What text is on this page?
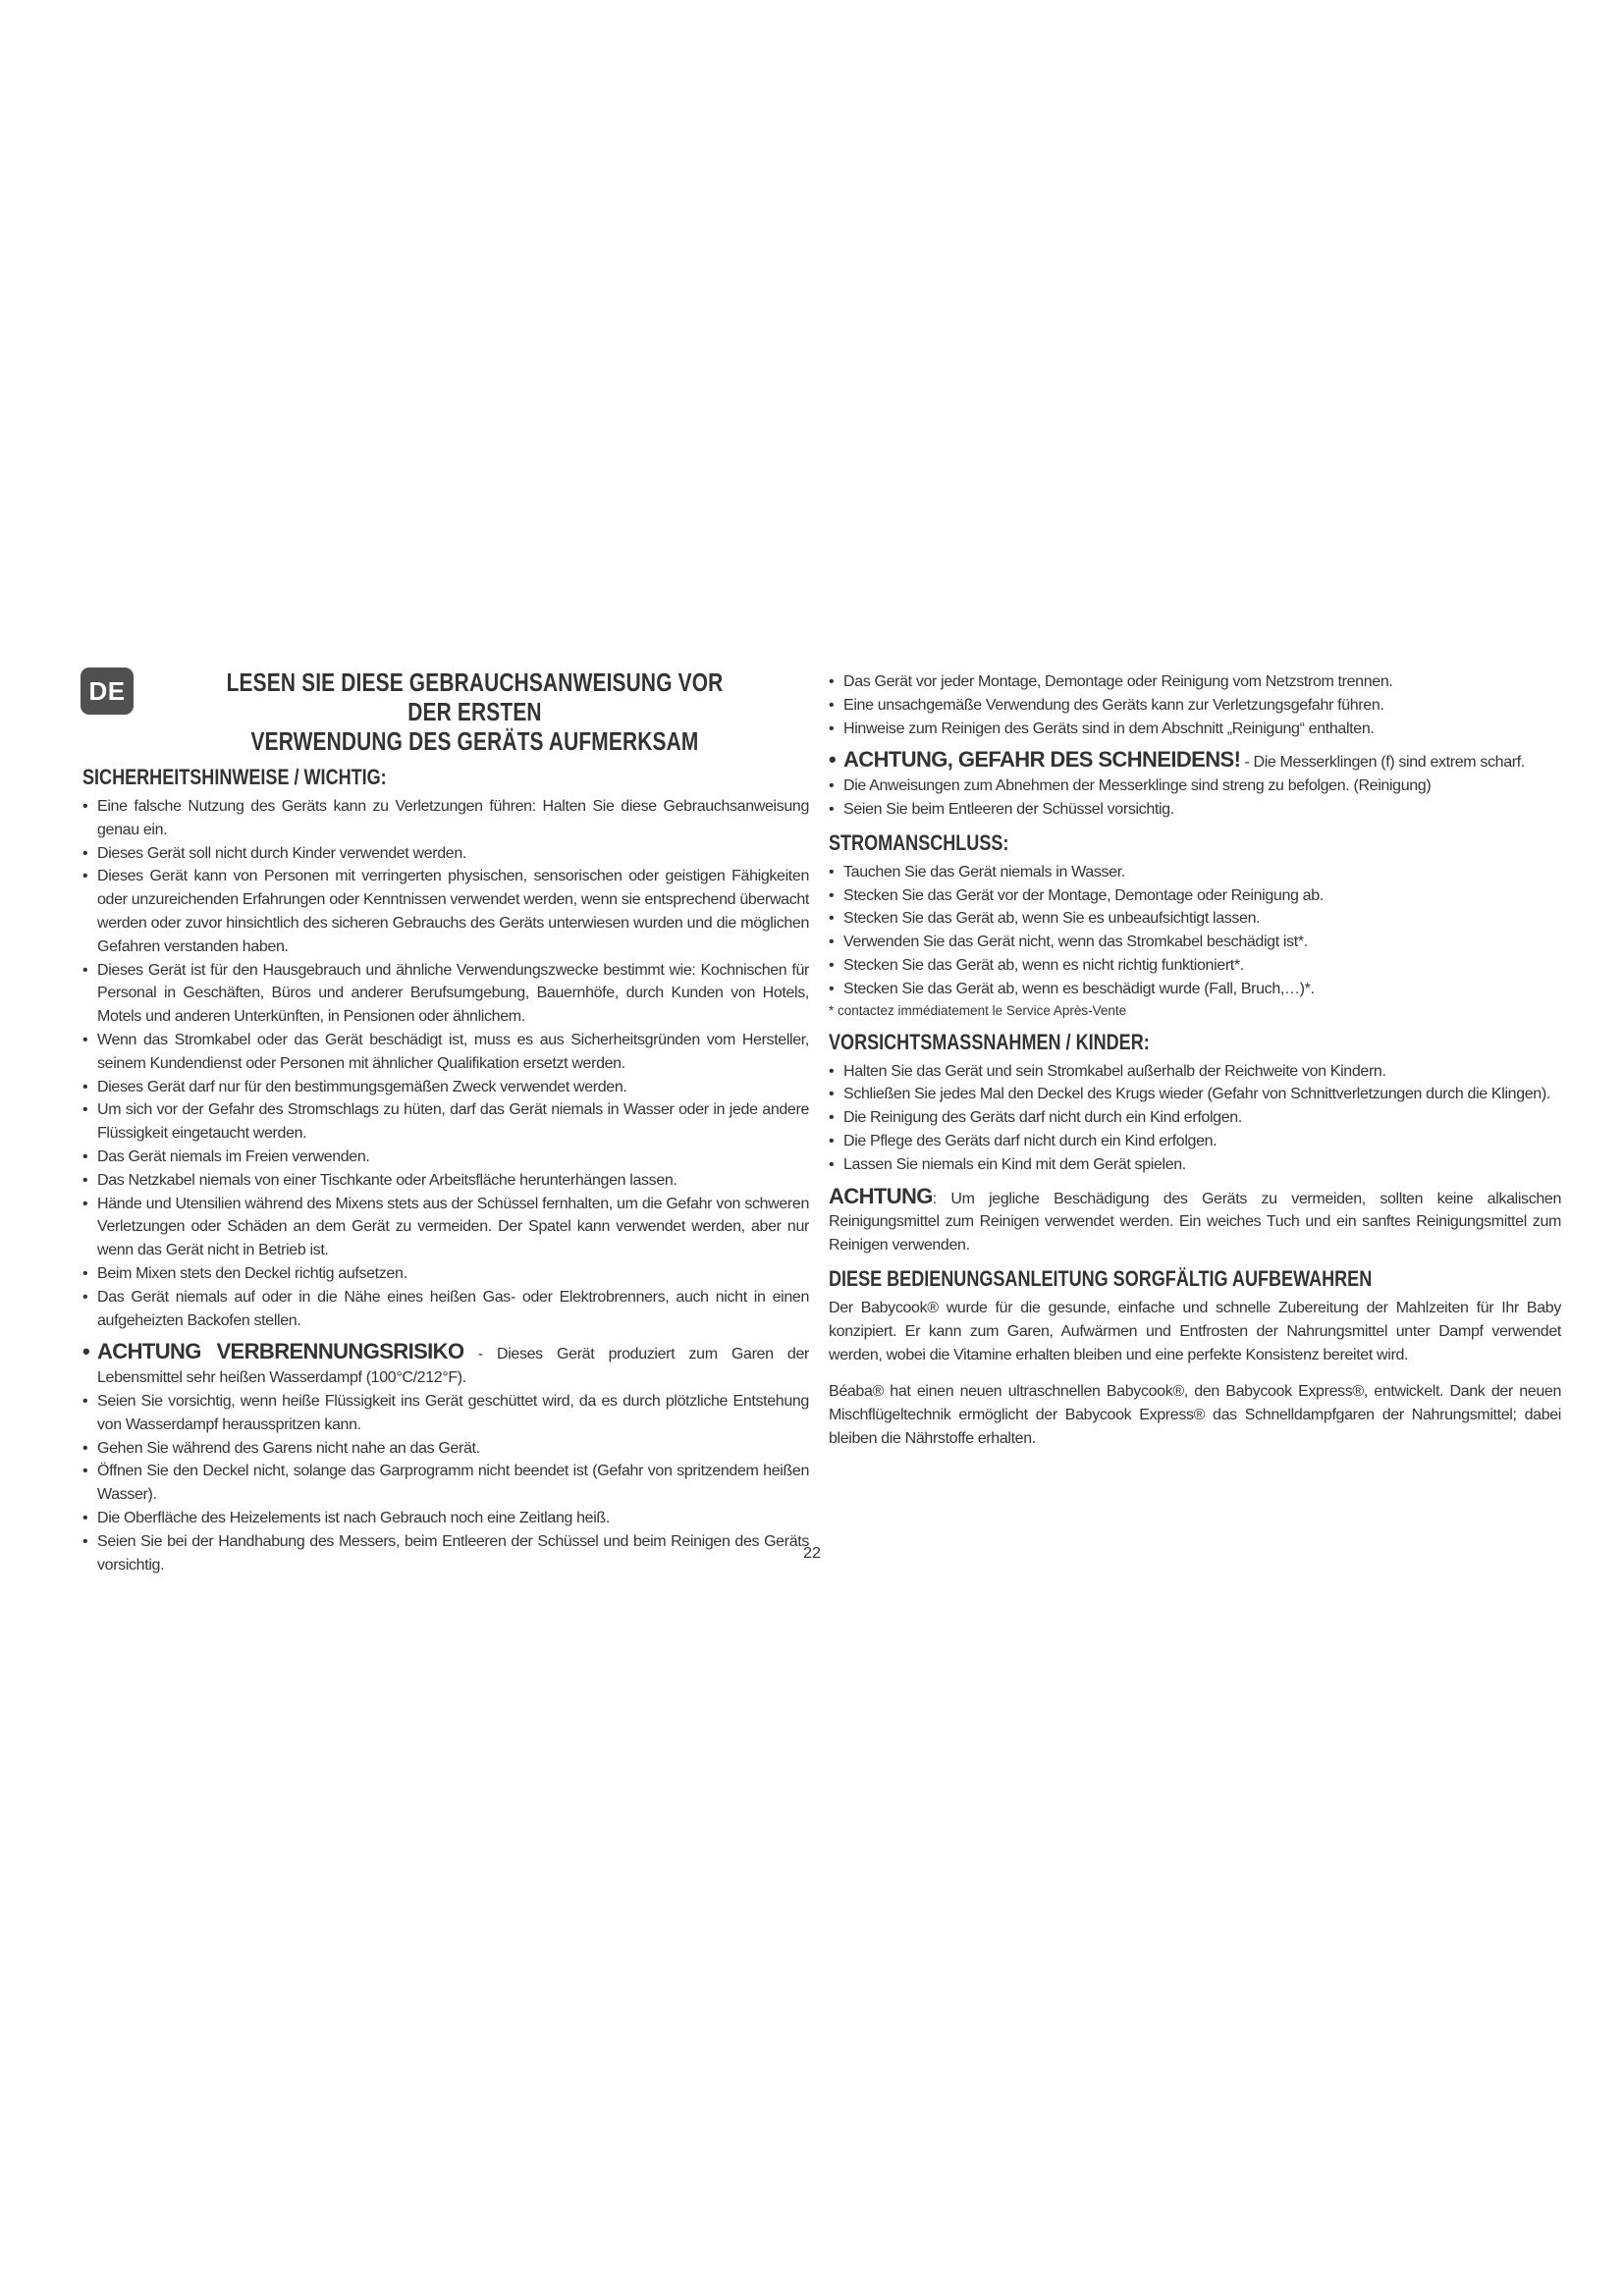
DE	LESEN SIE DIESE GEBRAUCHSANWEISUNG VOR DER ERSTEN
VERWENDUNG DES GERÄTS AUFMERKSAM
SICHERHEITSHINWEISE / WICHTIG:
• Eine falsche Nutzung des Geräts kann zu Verletzungen führen: Halten Sie diese Gebrauchsanweisung genau ein.
• Dieses Gerät soll nicht durch Kinder verwendet werden.
• Dieses Gerät kann von Personen mit verringerten physischen, sensorischen oder geistigen Fähigkeiten oder unzureichenden Erfahrungen oder Kenntnissen verwendet werden, wenn sie entsprechend überwacht werden oder zuvor hinsichtlich des sicheren Gebrauchs des Geräts unterwiesen wurden und die möglichen Gefahren verstanden haben.
• Dieses Gerät ist für den Hausgebrauch und ähnliche Verwendungszwecke bestimmt wie: Kochnischen für Personal in Geschäften, Büros und anderer Berufsumgebung, Bauernhöfe, durch Kunden von Hotels, Motels und anderen Unterkünften, in Pensionen oder ähnlichem.
• Wenn das Stromkabel oder das Gerät beschädigt ist, muss es aus Sicherheitsgründen vom Hersteller, seinem Kundendienst oder Personen mit ähnlicher Qualifikation ersetzt werden.
• Dieses Gerät darf nur für den bestimmungsgemäßen Zweck verwendet werden.
• Um sich vor der Gefahr des Stromschlags zu hüten, darf das Gerät niemals in Wasser oder in jede andere Flüssigkeit eingetaucht werden.
• Das Gerät niemals im Freien verwenden.
• Das Netzkabel niemals von einer Tischkante oder Arbeitsfläche herunterhängen lassen.
• Hände und Utensilien während des Mixens stets aus der Schüssel fernhalten, um die Gefahr von schweren Verletzungen oder Schäden an dem Gerät zu vermeiden. Der Spatel kann verwendet werden, aber nur wenn das Gerät nicht in Betrieb ist.
• Beim Mixen stets den Deckel richtig aufsetzen.
• Das Gerät niemals auf oder in die Nähe eines heißen Gas- oder Elektrobrenners, auch nicht in einen aufgeheizten Backofen stellen.
• ACHTUNG VERBRENNUNGSRISIKO - Dieses Gerät produziert zum Garen der Lebensmittel sehr heißen Wasserdampf (100°C/212°F).
• Seien Sie vorsichtig, wenn heiße Flüssigkeit ins Gerät geschüttet wird, da es durch plötzliche Entstehung von Wasserdampf herausspritzen kann.
• Gehen Sie während des Garens nicht nahe an das Gerät.
• Öffnen Sie den Deckel nicht, solange das Garprogramm nicht beendet ist (Gefahr von spritzendem heißen Wasser).
• Die Oberfläche des Heizelements ist nach Gebrauch noch eine Zeitlang heiß.
• Seien Sie bei der Handhabung des Messers, beim Entleeren der Schüssel und beim Reinigen des Geräts vorsichtig.
• Das Gerät vor jeder Montage, Demontage oder Reinigung vom Netzstrom trennen.
• Eine unsachgemäße Verwendung des Geräts kann zur Verletzungsgefahr führen.
• Hinweise zum Reinigen des Geräts sind in dem Abschnitt „Reinigung“ enthalten.
• ACHTUNG, GEFAHR DES SCHNEIDENS! - Die Messerklingen (f) sind extrem scharf.
• Die Anweisungen zum Abnehmen der Messerklinge sind streng zu befolgen. (Reinigung)
• Seien Sie beim Entleeren der Schüssel vorsichtig.
STROMANSCHLUSS:
• Tauchen Sie das Gerät niemals in Wasser.
• Stecken Sie das Gerät vor der Montage, Demontage oder Reinigung ab.
• Stecken Sie das Gerät ab, wenn Sie es unbeaufsichtigt lassen.
• Verwenden Sie das Gerät nicht, wenn das Stromkabel beschädigt ist*.
• Stecken Sie das Gerät ab, wenn es nicht richtig funktioniert*.
• Stecken Sie das Gerät ab, wenn es beschädigt wurde (Fall, Bruch,…)*.
* contactez immédiatement le Service Après-Vente
VORSICHTSMASSNAHMEN / KINDER:
• Halten Sie das Gerät und sein Stromkabel außerhalb der Reichweite von Kindern.
• Schließen Sie jedes Mal den Deckel des Krugs wieder (Gefahr von Schnittverletzungen durch die Klingen).
• Die Reinigung des Geräts darf nicht durch ein Kind erfolgen.
• Die Pflege des Geräts darf nicht durch ein Kind erfolgen.
• Lassen Sie niemals ein Kind mit dem Gerät spielen.

ACHTUNG: Um jegliche Beschädigung des Geräts zu vermeiden, sollten keine alkalischen Reinigungsmittel zum Reinigen verwendet werden. Ein weiches Tuch und ein sanftes Reinigungsmittel zum Reinigen verwenden.

DIESE BEDIENUNGSANLEITUNG SORGFÄLTIG AUFBEWAHREN

Der Babycook® wurde für die gesunde, einfache und schnelle Zubereitung der Mahlzeiten für Ihr Baby konzipiert. Er kann zum Garen, Aufwärmen und Entfrosten der Nahrungsmittel unter Dampf verwendet werden, wobei die Vitamine erhalten bleiben und eine perfekte Konsistenz bereitet wird.

Béaba® hat einen neuen ultraschnellen Babycook®, den Babycook Express®, entwickelt. Dank der neuen Mischflügeltechnik ermöglicht der Babycook Express® das Schnelldampfgaren der Nahrungsmittel; dabei bleiben die Nährstoffe erhalten.

22
